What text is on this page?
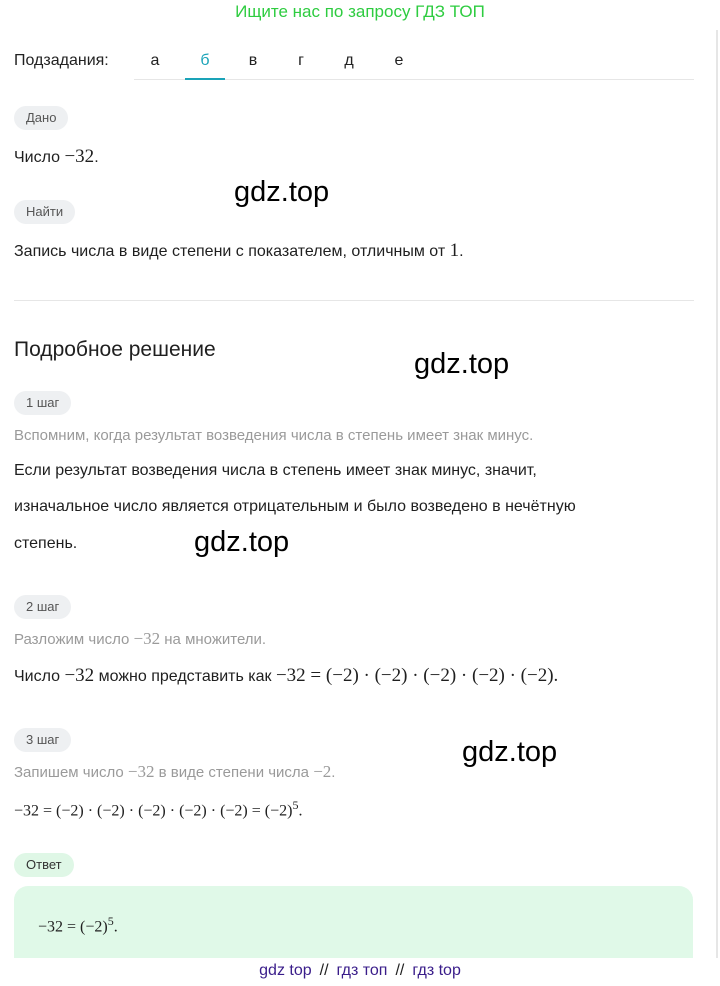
Ищите нас по запросу ГДЗ ТОП
Подзадания:	а	б	в	г	д	е
Дано
Число −32.
Найти
Запись числа в виде степени с показателем, отличным от 1.
Подробное решение
1 шаг
Вспомним, когда результат возведения числа в степень имеет знак минус.
Если результат возведения числа в степень имеет знак минус, значит,
изначальное число является отрицательным и было возведено в нечётную
степень.
2 шаг
Разложим число −32 на множители.
Число −32 можно представить как −32 = (−2) · (−2) · (−2) · (−2) · (−2).
3 шаг
Запишем число −32 в виде степени числа −2.
$-32 = (-2) \cdot (-2) \cdot (-2) \cdot (-2) \cdot (-2) = (-2)^5$.
Ответ
$-32 = (-2)^5$.
gdz.top
gdz.top
gdz.top
gdz.top
gdz top // гдз топ // гдз top
